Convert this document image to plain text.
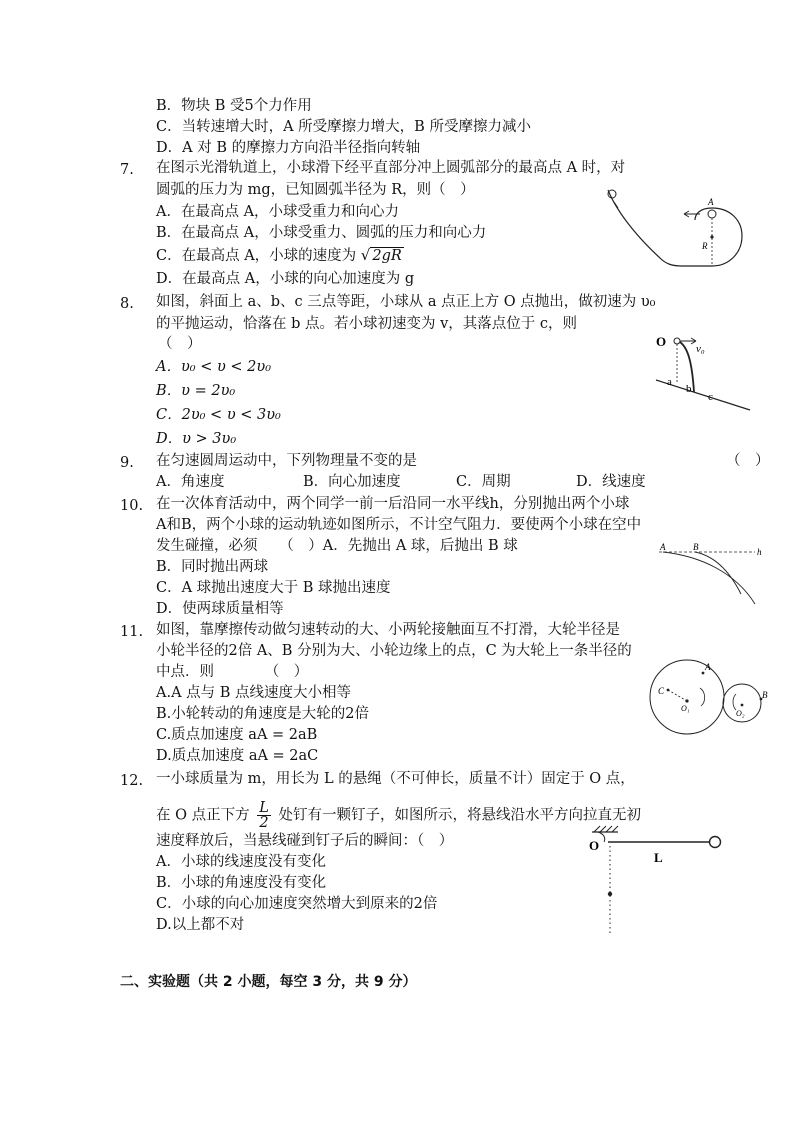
B．物块 B 受5个力作用
C．当转速增大时，A 所受摩擦力增大，B 所受摩擦力减小
D．A 对 B 的摩擦力方向沿半径指向转轴
7.	在图示光滑轨道上，小球滑下经平直部分冲上圆弧部分的最高点 A 时，对
圆弧的压力为 mg，已知圆弧半径为 R，则（　）
A．在最高点 A，小球受重力和向心力
B．在最高点 A，小球受重力、圆弧的压力和向心力
C．在最高点 A，小球的速度为 √ 2gR
D．在最高点 A，小球的向心加速度为 g
A
R
8.	如图，斜面上 a、b、c 三点等距，小球从 a 点正上方 O 点抛出，做初速为 υ₀
的平抛运动，恰落在 b 点。若小球初速变为 v，其落点位于 c，则
（　）
A．υ₀ < υ < 2υ₀
B．υ = 2υ₀
C．2υ₀ < υ < 3υ₀
D．υ > 3υ₀
O	v₀
a
b
c
9.	在匀速圆周运动中，下列物理量不变的是	（　）
A．角速度	B．向心加速度	C．周期	D．线速度
10. 在一次体育活动中，两个同学一前一后沿同一水平线h，分别抛出两个小球
A和B，两个小球的运动轨迹如图所示，不计空气阻力．要使两个小球在空中
发生碰撞，必须　　（　）A．先抛出 A 球，后抛出 B 球
B．同时抛出两球
C．A 球抛出速度大于 B 球抛出速度
D．使两球质量相等
A	B	h
11. 如图，靠摩擦传动做匀速转动的大、小两轮接触面互不打滑，大轮半径是
小轮半径的2倍 A、B 分别为大、小轮边缘上的点，C 为大轮上一条半径的
中点．则　　　　（　）
A.A 点与 B 点线速度大小相等
B.小轮转动的角速度是大轮的2倍
C.质点加速度 aA = 2aB
D.质点加速度 aA = 2aC
C
A
B
O₁
O₂
12. 一小球质量为 m，用长为 L 的悬绳（不可伸长，质量不计）固定于 O 点，
在 O 点正下方 $\frac{L}{2}$ 处钉有一颗钉子，如图所示，将悬线沿水平方向拉直无初
速度释放后，当悬线碰到钉子后的瞬间：（　）
A．小球的线速度没有变化
B．小球的角速度没有变化
C．小球的向心加速度突然增大到原来的2倍
D.以上都不对
O
L
二、实验题（共 2 小题，每空 3 分，共 9 分）
